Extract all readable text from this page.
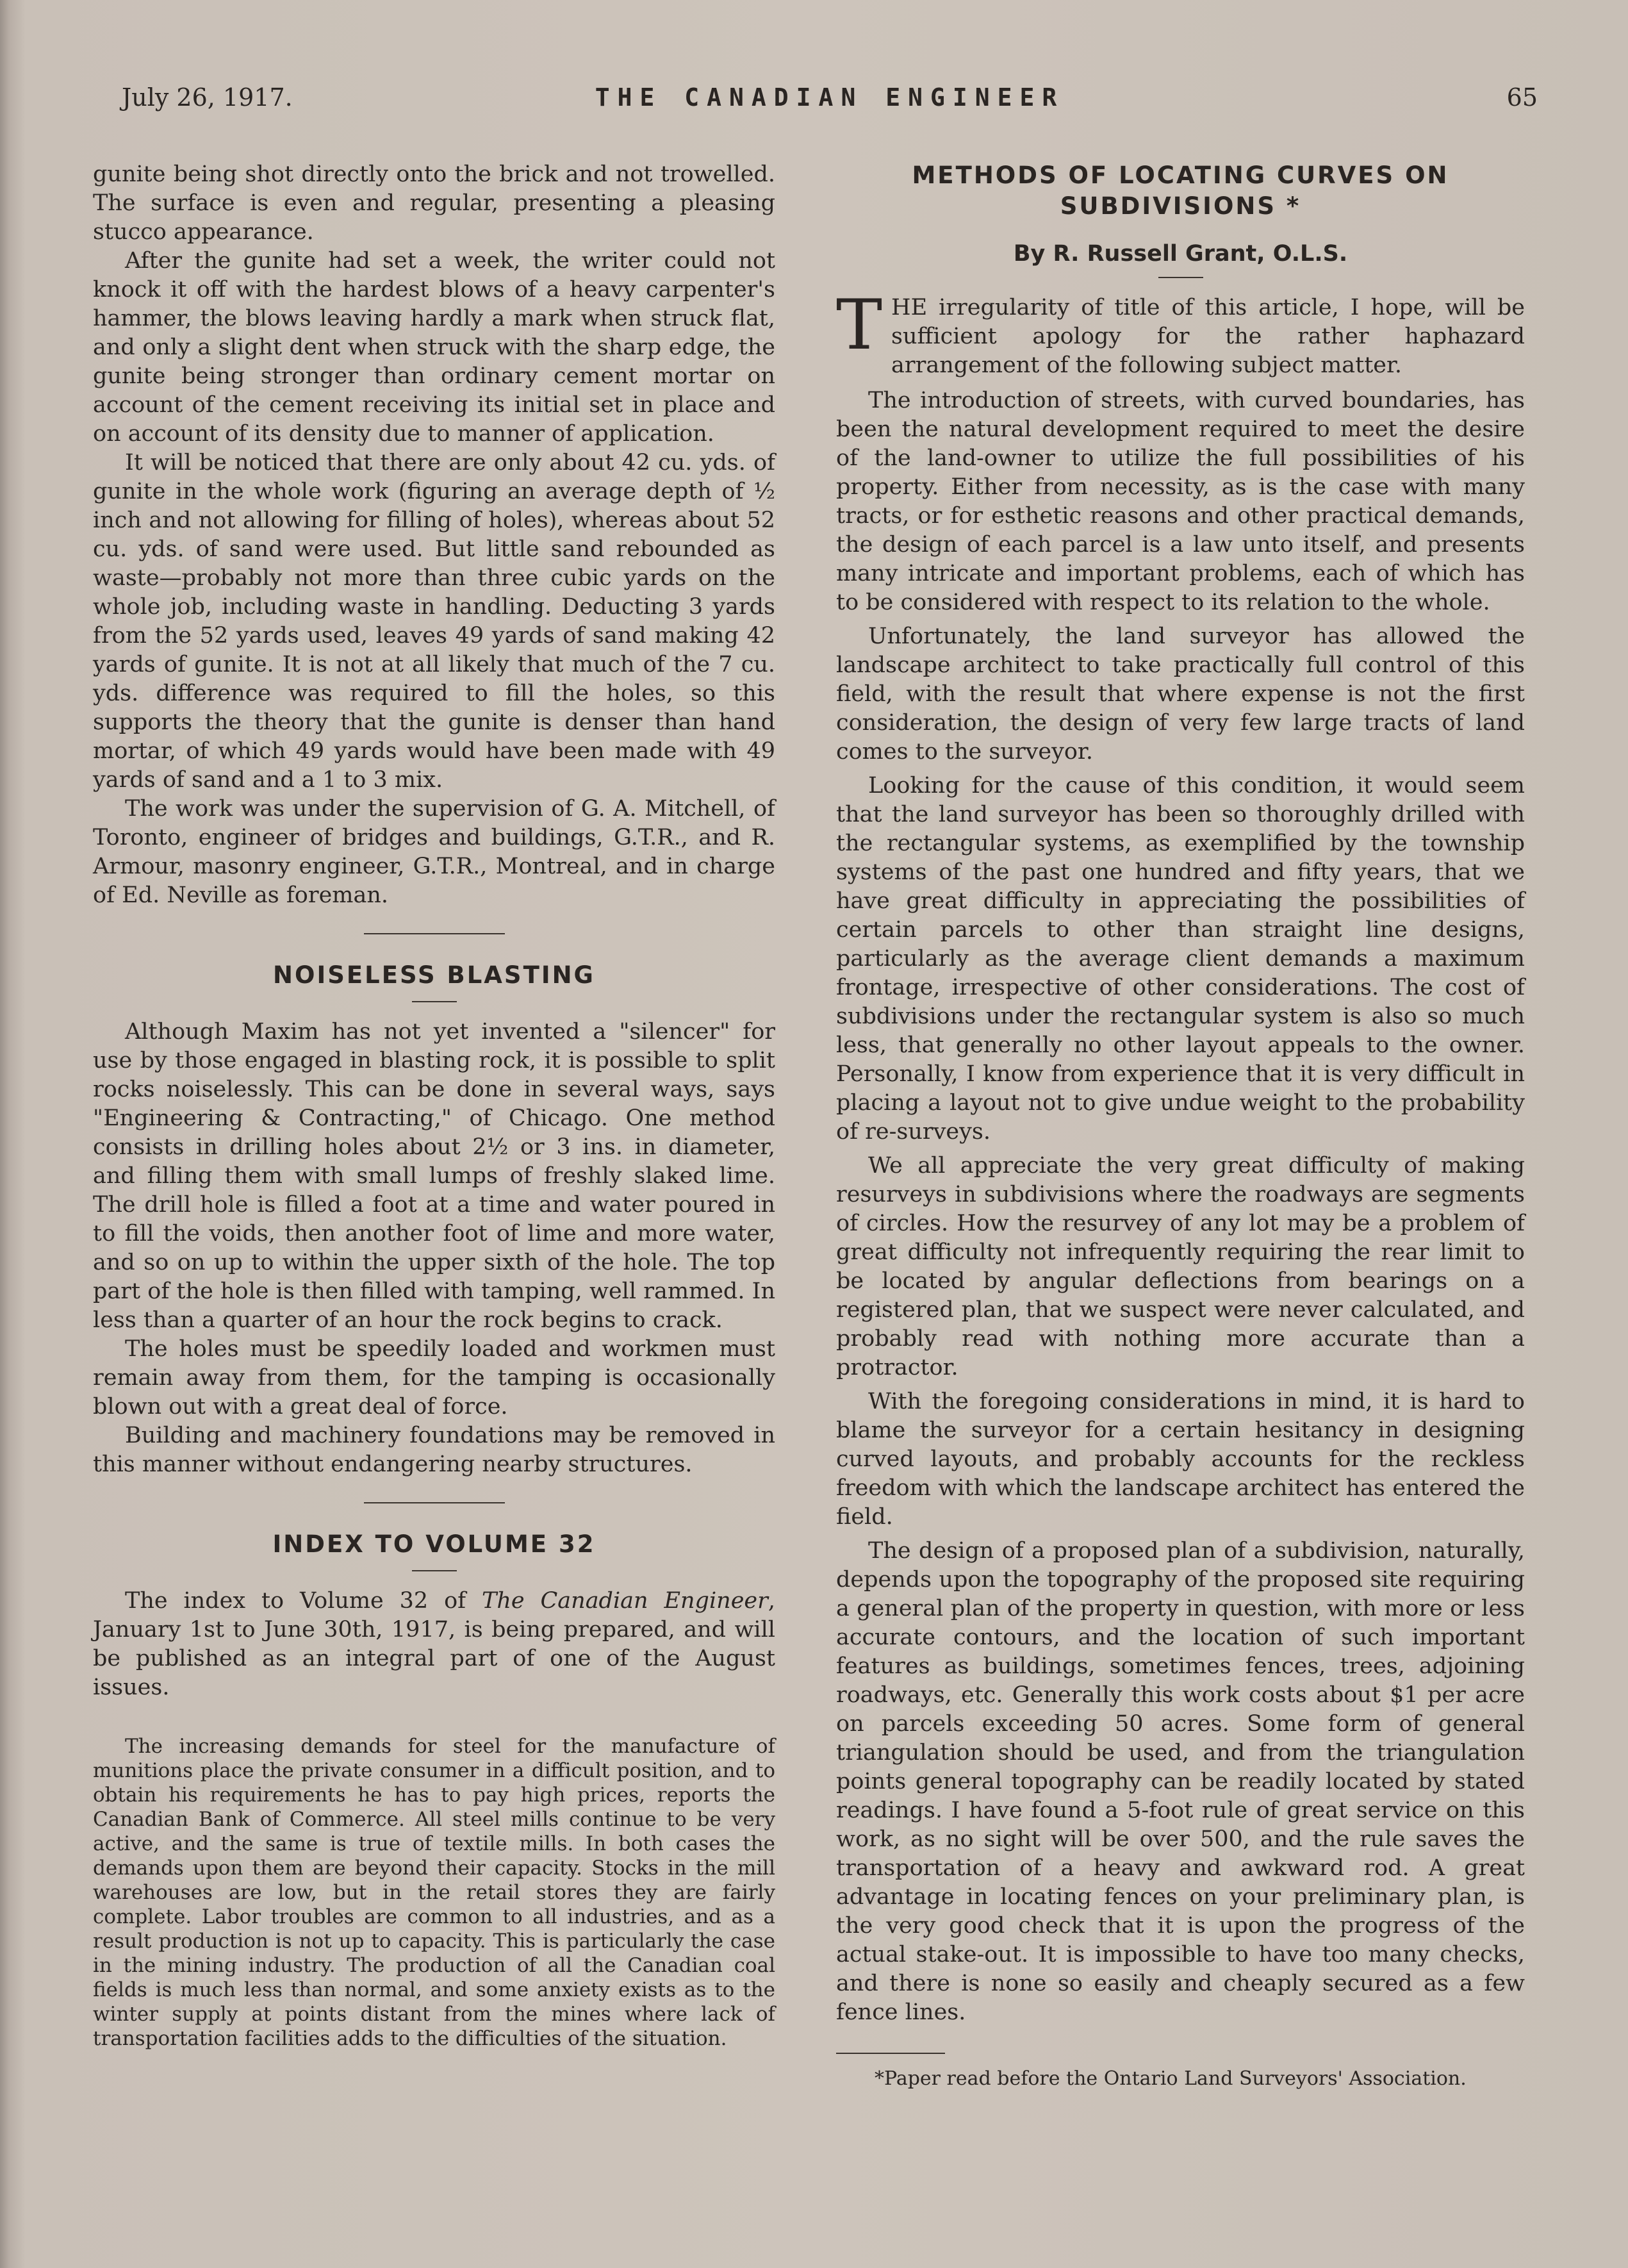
July 26, 1917.	THE CANADIAN ENGINEER	65

gunite being shot directly onto the brick and not trowelled. The surface is even and regular, presenting a pleasing stucco appearance.

After the gunite had set a week, the writer could not knock it off with the hardest blows of a heavy carpenter's hammer, the blows leaving hardly a mark when struck flat, and only a slight dent when struck with the sharp edge, the gunite being stronger than ordinary cement mortar on account of the cement receiving its initial set in place and on account of its density due to manner of application.

It will be noticed that there are only about 42 cu. yds. of gunite in the whole work (figuring an average depth of ½ inch and not allowing for filling of holes), whereas about 52 cu. yds. of sand were used. But little sand rebounded as waste—probably not more than three cubic yards on the whole job, including waste in handling. Deducting 3 yards from the 52 yards used, leaves 49 yards of sand making 42 yards of gunite. It is not at all likely that much of the 7 cu. yds. difference was required to fill the holes, so this supports the theory that the gunite is denser than hand mortar, of which 49 yards would have been made with 49 yards of sand and a 1 to 3 mix.

The work was under the supervision of G. A. Mitchell, of Toronto, engineer of bridges and buildings, G.T.R., and R. Armour, masonry engineer, G.T.R., Montreal, and in charge of Ed. Neville as foreman.

NOISELESS BLASTING

Although Maxim has not yet invented a "silencer" for use by those engaged in blasting rock, it is possible to split rocks noiselessly. This can be done in several ways, says "Engineering & Contracting," of Chicago. One method consists in drilling holes about 2½ or 3 ins. in diameter, and filling them with small lumps of freshly slaked lime. The drill hole is filled a foot at a time and water poured in to fill the voids, then another foot of lime and more water, and so on up to within the upper sixth of the hole. The top part of the hole is then filled with tamping, well rammed. In less than a quarter of an hour the rock begins to crack.

The holes must be speedily loaded and workmen must remain away from them, for the tamping is occasionally blown out with a great deal of force.

Building and machinery foundations may be removed in this manner without endangering nearby structures.

INDEX TO VOLUME 32

The index to Volume 32 of The Canadian Engineer, January 1st to June 30th, 1917, is being prepared, and will be published as an integral part of one of the August issues.

The increasing demands for steel for the manufacture of munitions place the private consumer in a difficult position, and to obtain his requirements he has to pay high prices, reports the Canadian Bank of Commerce. All steel mills continue to be very active, and the same is true of textile mills. In both cases the demands upon them are beyond their capacity. Stocks in the mill warehouses are low, but in the retail stores they are fairly complete. Labor troubles are common to all industries, and as a result production is not up to capacity. This is particularly the case in the mining industry. The production of all the Canadian coal fields is much less than normal, and some anxiety exists as to the winter supply at points distant from the mines where lack of transportation facilities adds to the difficulties of the situation.

METHODS OF LOCATING CURVES ON
SUBDIVISIONS *
By R. Russell Grant, O.L.S.

THE irregularity of title of this article, I hope, will be sufficient apology for the rather haphazard arrangement of the following subject matter.

The introduction of streets, with curved boundaries, has been the natural development required to meet the desire of the land-owner to utilize the full possibilities of his property. Either from necessity, as is the case with many tracts, or for esthetic reasons and other practical demands, the design of each parcel is a law unto itself, and presents many intricate and important problems, each of which has to be considered with respect to its relation to the whole.

Unfortunately, the land surveyor has allowed the landscape architect to take practically full control of this field, with the result that where expense is not the first consideration, the design of very few large tracts of land comes to the surveyor.

Looking for the cause of this condition, it would seem that the land surveyor has been so thoroughly drilled with the rectangular systems, as exemplified by the township systems of the past one hundred and fifty years, that we have great difficulty in appreciating the possibilities of certain parcels to other than straight line designs, particularly as the average client demands a maximum frontage, irrespective of other considerations. The cost of subdivisions under the rectangular system is also so much less, that generally no other layout appeals to the owner. Personally, I know from experience that it is very difficult in placing a layout not to give undue weight to the probability of re-surveys.

We all appreciate the very great difficulty of making resurveys in subdivisions where the roadways are segments of circles. How the resurvey of any lot may be a problem of great difficulty not infrequently requiring the rear limit to be located by angular deflections from bearings on a registered plan, that we suspect were never calculated, and probably read with nothing more accurate than a protractor.

With the foregoing considerations in mind, it is hard to blame the surveyor for a certain hesitancy in designing curved layouts, and probably accounts for the reckless freedom with which the landscape architect has entered the field.

The design of a proposed plan of a subdivision, naturally, depends upon the topography of the proposed site requiring a general plan of the property in question, with more or less accurate contours, and the location of such important features as buildings, sometimes fences, trees, adjoining roadways, etc. Generally this work costs about $1 per acre on parcels exceeding 50 acres. Some form of general triangulation should be used, and from the triangulation points general topography can be readily located by stated readings. I have found a 5-foot rule of great service on this work, as no sight will be over 500, and the rule saves the transportation of a heavy and awkward rod. A great advantage in locating fences on your preliminary plan, is the very good check that it is upon the progress of the actual stake-out. It is impossible to have too many checks, and there is none so easily and cheaply secured as a few fence lines.

*Paper read before the Ontario Land Surveyors' Association.
